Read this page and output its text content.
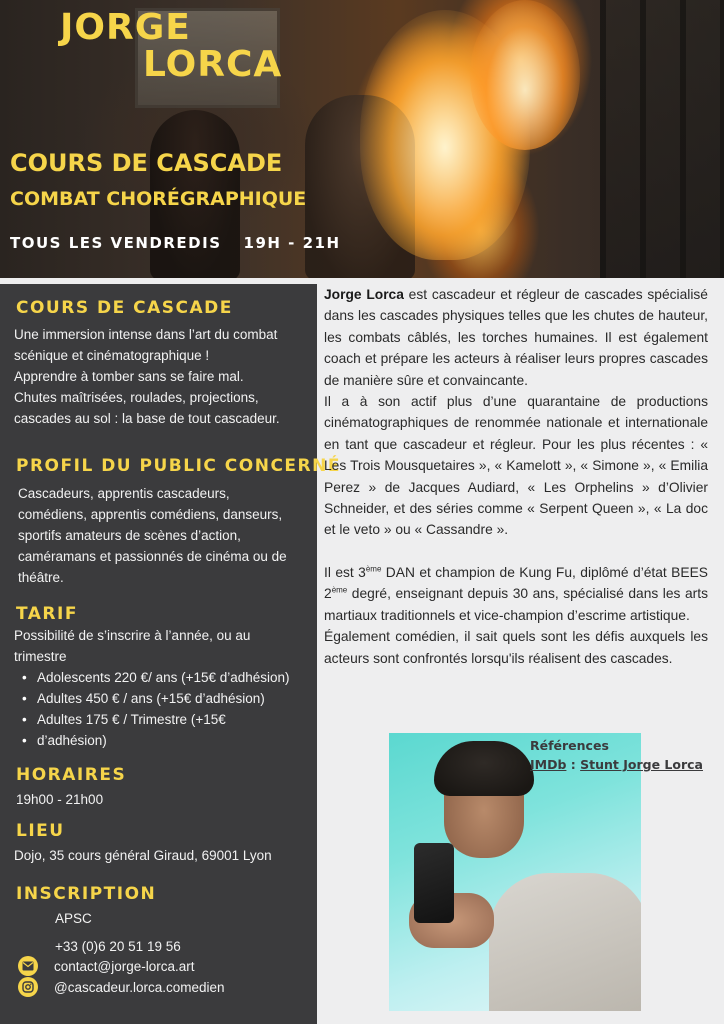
JORGE
LORCA
COURS DE CASCADE
COMBAT CHORÉGRAPHIQUE
TOUS LES VENDREDIS 19H - 21H
COURS DE CASCADE

Une immersion intense dans l’art du combat

scénique et cinématographique !

Apprendre à tomber sans se faire mal.

Chutes maîtrisées, roulades, projections,

cascades au sol : la base de tout cascadeur.

PROFIL DU PUBLIC CONCERNÉ

Cascadeurs, apprentis cascadeurs,

comédiens, apprentis comédiens, danseurs,

sportifs amateurs de scènes d’action,

caméramans et passionnés de cinéma ou de

théâtre.

TARIF

Possibilité de s’inscrire à l’année, ou au

trimestre

• Adolescents 220 €/ ans (+15€ d’adhésion)
• Adultes 450 € / ans (+15€ d’adhésion)
• Adultes 175 € / Trimestre (+15€
• d’adhésion)
HORAIRES

19h00 - 21h00

LIEU

Dojo, 35 cours général Giraud, 69001 Lyon

INSCRIPTION

APSC

+33 (0)6 20 51 19 56

contact@jorge-lorca.art
@cascadeur.lorca.comedien

Jorge Lorca est cascadeur et régleur de cascades spécialisé dans les cascades physiques telles que les chutes de hauteur, les combats câblés, les torches humaines. Il est également coach et prépare les acteurs à réaliser leurs propres cascades de manière sûre et convaincante.

Il a à son actif plus d’une quarantaine de productions cinématographiques de renommée nationale et internationale en tant que cascadeur et régleur. Pour les plus récentes : « Les Trois Mousquetaires », « Kamelott », « Simone », « Emilia Perez » de Jacques Audiard, « Les Orphelins » d’Olivier Schneider, et des séries comme « Serpent Queen », « La doc et le veto » ou « Cassandre ».

Il est 3ème DAN et champion de Kung Fu, diplômé d’état BEES 2ème degré, enseignant depuis 30 ans, spécialisé dans les arts martiaux traditionnels et vice-champion d’escrime artistique.

Également comédien, il sait quels sont les défis auxquels les acteurs sont confrontés lorsqu'ils réalisent des cascades.

Références
IMDb : Stunt Jorge Lorca
